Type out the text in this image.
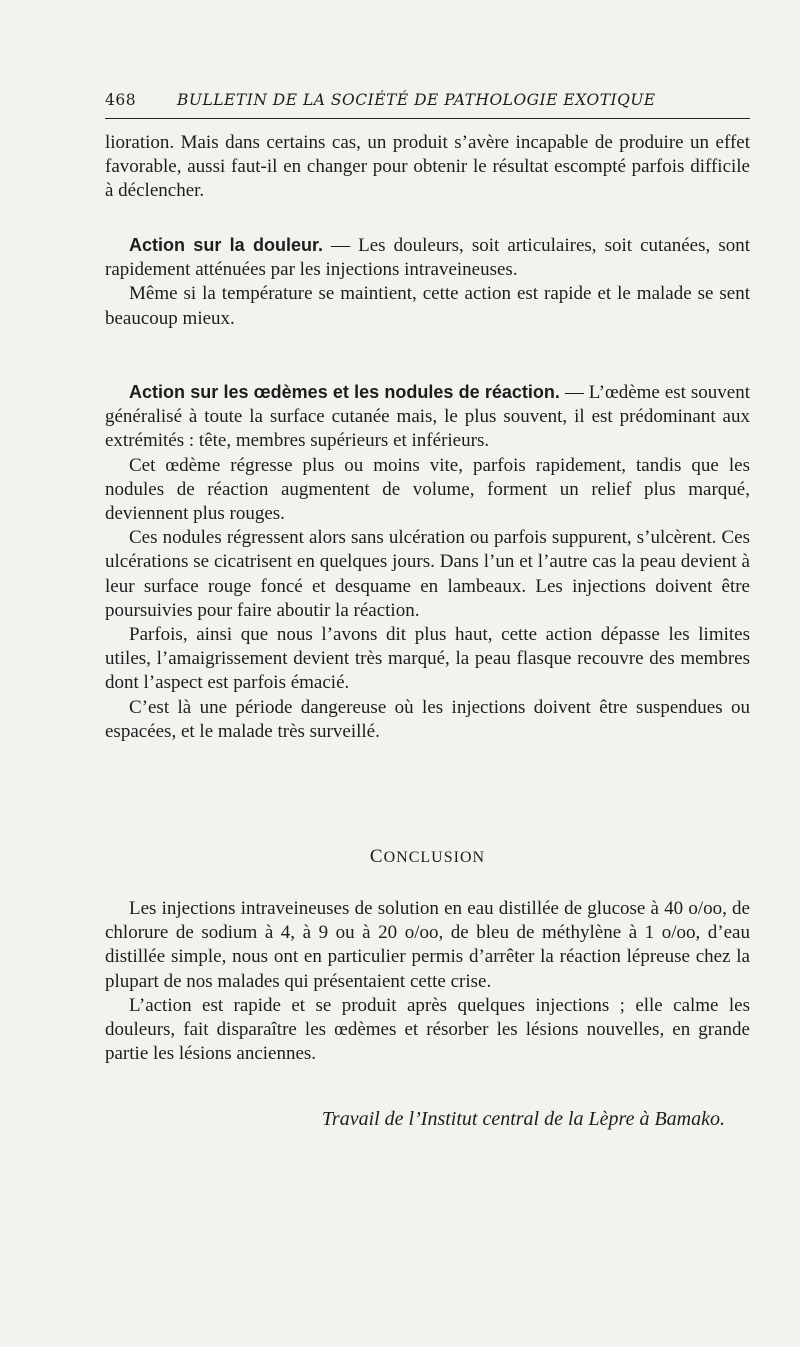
468	BULLETIN DE LA SOCIÉTÉ DE PATHOLOGIE EXOTIQUE

lioration. Mais dans certains cas, un produit s’avère incapable de produire un effet favorable, aussi faut-il en changer pour obtenir le résultat escompté parfois difficile à déclencher.

Action sur la douleur. — Les douleurs, soit articulaires, soit cutanées, sont rapidement atténuées par les injections intraveineuses.

Même si la température se maintient, cette action est rapide et le malade se sent beaucoup mieux.

Action sur les œdèmes et les nodules de réaction. — L’œdème est souvent généralisé à toute la surface cutanée mais, le plus souvent, il est prédominant aux extrémités : tête, membres supérieurs et inférieurs.

Cet œdème régresse plus ou moins vite, parfois rapidement, tandis que les nodules de réaction augmentent de volume, forment un relief plus marqué, deviennent plus rouges.

Ces nodules régressent alors sans ulcération ou parfois suppurent, s’ulcèrent. Ces ulcérations se cicatrisent en quelques jours. Dans l’un et l’autre cas la peau devient à leur surface rouge foncé et desquame en lambeaux. Les injections doivent être poursuivies pour faire aboutir la réaction.

Parfois, ainsi que nous l’avons dit plus haut, cette action dépasse les limites utiles, l’amaigrissement devient très marqué, la peau flasque recouvre des membres dont l’aspect est parfois émacié.

C’est là une période dangereuse où les injections doivent être suspendues ou espacées, et le malade très surveillé.

CONCLUSION

Les injections intraveineuses de solution en eau distillée de glucose à 40 o/oo, de chlorure de sodium à 4, à 9 ou à 20 o/oo, de bleu de méthylène à 1 o/oo, d’eau distillée simple, nous ont en particulier permis d’arrêter la réaction lépreuse chez la plupart de nos malades qui présentaient cette crise.

L’action est rapide et se produit après quelques injections ; elle calme les douleurs, fait disparaître les œdèmes et résorber les lésions nouvelles, en grande partie les lésions anciennes.

Travail de l’Institut central de la Lèpre à Bamako.
